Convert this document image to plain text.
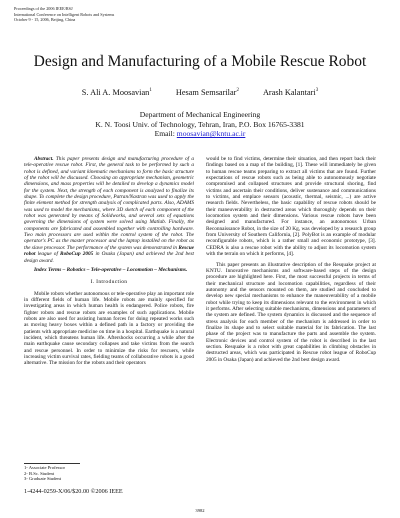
Proceedings of the 2006 IEEE/RSJ
International Conference on Intelligent Robots and Systems
October 9 - 15, 2006, Beijing, China
Design and Manufacturing of a Mobile Rescue Robot
S. Ali A. Moosavian$^1$	Hesam Semsarilar$^2$	Arash Kalantari$^3$
Department of Mechanical Engineering
K. N. Toosi Univ. of Technology, Tehran, Iran, P.O. Box 16765-3381
Email: moosavian@kntu.ac.ir

Abstract. This paper presents design and manufacturing procedure of a tele-operative rescue robot. First, the general task to be performed by such a robot is defined, and variant kinematic mechanisms to form the basic structure of the robot will be discussed. Choosing an appropriate mechanism, geometric dimensions, and mass properties will be detailed to develop a dynamics model for the system. Next, the strength of each component is analyzed to finalize its shape. To complete the design procedure, Patran/Nastran was used to apply the finite element method for strength analysis of complicated parts. Also, ADAMS was used to model the mechanisms, where 3D sketch of each component of the robot was generated by means of Solidworks, and several sets of equations governing the dimensions of system were solved using Matlab. Finally, the components are fabricated and assembled together with controlling hardware. Two main processors are used within the control system of the robot. The operator's PC as the master processor and the laptop installed on the robot as the slave processor. The performance of the system was demonstrated in Rescue robot league of RoboCup 2005 in Osaka (Japan) and achieved the 2nd best design award.

Index Terms – Robotics – Tele-operative – Locomotion – Mechanisms.

I. Introduction

Mobile robots whether autonomous or tele-operative play an important role in different fields of human life. Mobile robots are mainly specified for investigating areas in which human health is endangered. Police robots, fire fighter robots and rescue robots are examples of such applications. Mobile robots are also used for assisting human forces for doing repeated works such as moving heavy boxes within a defined path in a factory or providing the patients with appropriate medicine on time in a hospital. Earthquake is a natural incident, which threatens human life. Aftershocks occurring a while after the main earthquake cause secondary collapses and take victims from the search and rescue personnel. In order to minimize the risks for rescuers, while increasing victim survival rates, fielding teams of collaborative robots is a good alternative. The mission for the robots and their operators

would be to find victims, determine their situation, and then report back their findings based on a map of the building, [1]. These will immediately be given to human rescue teams preparing to extract all victims that are found. Further expectations of rescue robots such as being able to autonomously negotiate compromised and collapsed structures and provide structural shoring, find victims and ascertain their conditions, deliver sustenance and communications to victims, and emplace sensors (acoustic, thermal, seismic, ...) are active research fields. Nevertheless, the basic capability of rescue robots should be their maneuverability in destructed areas which thoroughly depends on their locomotion system and their dimensions. Various rescue robots have been designed and manufactured. For instance, an autonomous Urban Reconnaissance Robot, in the size of 20 Kg, was developed by a research group from University of Southern California, [2]. PolyBot is an example of modular reconfigurable robots, which is a rather small and economic prototype, [3]. CEDRA is also a rescue robot with the ability to adjust its locomotion system with the terrain on which it performs, [4].

This paper presents an illustrative description of the Resquake project at KNTU. Innovative mechanisms and software-based steps of the design procedure are highlighted here. First, the most successful projects in terms of their mechanical structure and locomotion capabilities, regardless of their autonomy and the sensors mounted on them, are studied and concluded to develop new special mechanisms to enhance the maneuverability of a mobile robot while trying to keep its dimensions relevant to the environment in which it performs. After selecting suitable mechanisms, dimensions and parameters of the system are defined. The system dynamics is discussed and the sequence of stress analysis for each member of the mechanism is addressed in order to finalize its shape and to select suitable material for its fabrication. The last phase of the project was to manufacture the parts and assemble the system. Electronic devices and control system of the robot is described in the last section. Resquake is a robot with great capabilities in climbing obstacles in destructed areas, which was participated in Rescue robot league of RoboCup 2005 in Osaka (Japan) and achieved the 2nd best design award.

1- Associate Professor
2- B.Sc. Student
3- Graduate Student
1-4244-0259-X/06/$20.00 ©2006 IEEE
3982
